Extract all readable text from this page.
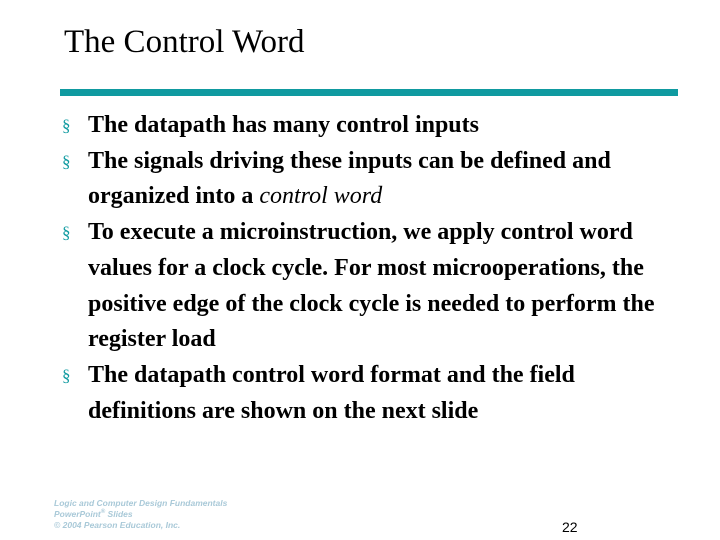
The Control Word
§ The datapath has many control inputs
§ The signals driving these inputs can be defined and organized into a control word
§ To execute a microinstruction, we apply control word values for a clock cycle. For most microoperations, the positive edge of the clock cycle is needed to perform the register load
§ The datapath control word format and the field definitions are shown on the next slide
Logic and Computer Design Fundamentals
PowerPoint® Slides
© 2004 Pearson Education, Inc.	22
